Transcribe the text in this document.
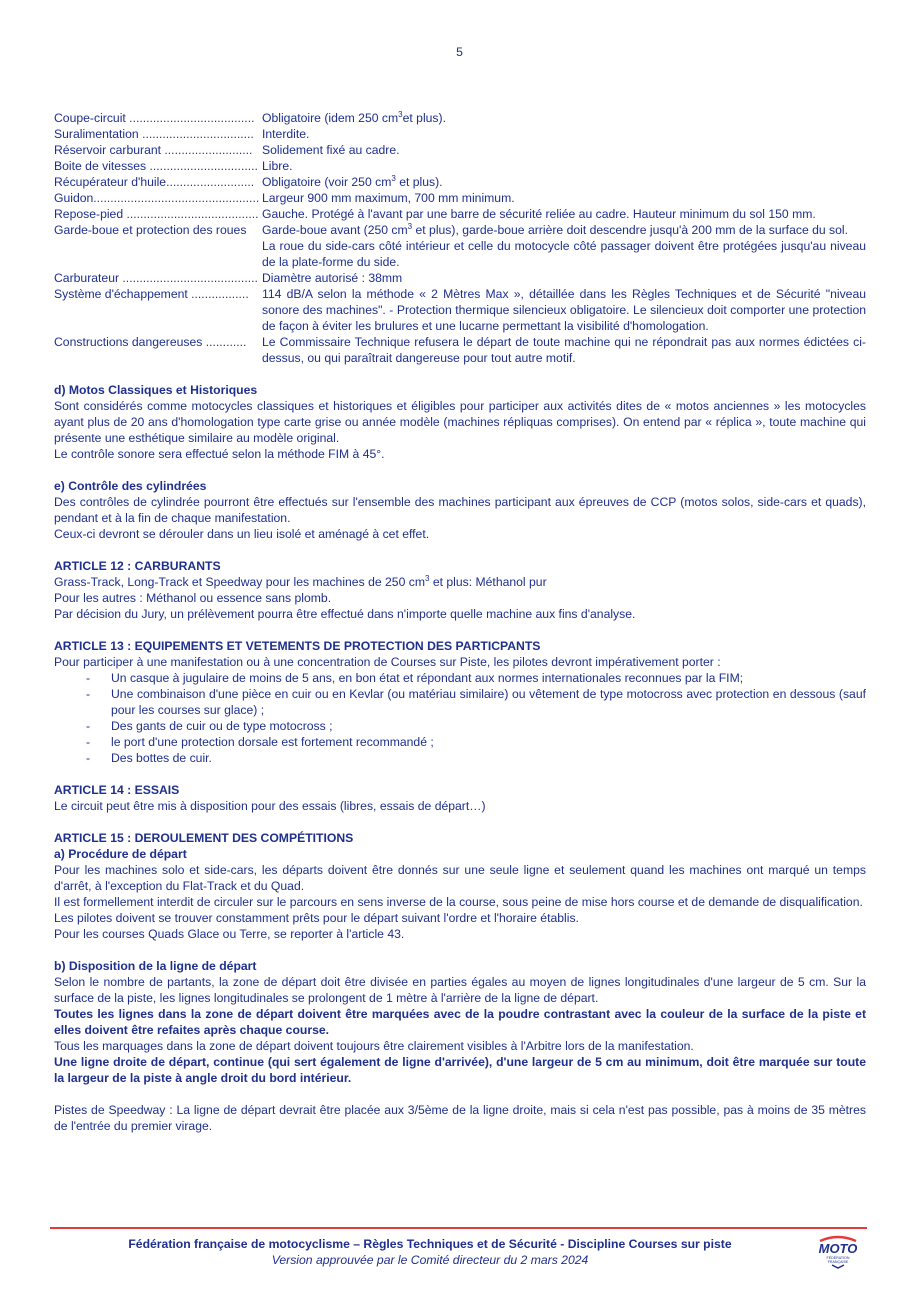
5
Coupe-circuit ..................................... Obligatoire (idem 250 $cm^3et$ plus).
Suralimentation ................................. Interdite.
Réservoir carburant .......................... Solidement fixé au cadre.
Boite de vitesses ................................ Libre.
Récupérateur d'huile.......................... Obligatoire (voir 250 $cm^3$ et plus).
Guidon................................................. Largeur 900 mm maximum, 700 mm minimum.
Repose-pied ....................................... Gauche. Protégé à l'avant par une barre de sécurité reliée au cadre. Hauteur minimum du sol 150 mm.
Garde-boue et protection des roues	Garde-boue avant (250 $cm^3$ et plus), garde-boue arrière doit descendre jusqu'à 200 mm de la surface du sol.
La roue du side-cars côté intérieur et celle du motocycle côté passager doivent être protégées jusqu'au niveau de la plate-forme du side.
Carburateur ........................................ Diamètre autorisé : 38mm
Système d'échappement .................	114 dB/A selon la méthode « 2 Mètres Max », détaillée dans les Règles Techniques et de Sécurité "niveau sonore des machines". - Protection thermique silencieux obligatoire. Le silencieux doit comporter une protection de façon à éviter les brulures et une lucarne permettant la visibilité d'homologation.
Constructions dangereuses ............	Le Commissaire Technique refusera le départ de toute machine qui ne répondrait pas aux normes édictées ci-dessus, ou qui paraîtrait dangereuse pour tout autre motif.
d) Motos Classiques et Historiques

Sont considérés comme motocycles classiques et historiques et éligibles pour participer aux activités dites de « motos anciennes » les motocycles ayant plus de 20 ans d'homologation type carte grise ou année modèle (machines répliquas comprises). On entend par « réplica », toute machine qui présente une esthétique similaire au modèle original.

Le contrôle sonore sera effectué selon la méthode FIM à 45°.

e) Contrôle des cylindrées

Des contrôles de cylindrée pourront être effectués sur l'ensemble des machines participant aux épreuves de CCP (motos solos, side-cars et quads), pendant et à la fin de chaque manifestation.

Ceux-ci devront se dérouler dans un lieu isolé et aménagé à cet effet.

ARTICLE 12 : CARBURANTS

Grass-Track, Long-Track et Speedway pour les machines de 250 $cm^3$ et plus: Méthanol pur

Pour les autres : Méthanol ou essence sans plomb.

Par décision du Jury, un prélèvement pourra être effectué dans n'importe quelle machine aux fins d'analyse.

ARTICLE 13 : EQUIPEMENTS ET VETEMENTS DE PROTECTION DES PARTICPANTS

Pour participer à une manifestation ou à une concentration de Courses sur Piste, les pilotes devront impérativement porter :

-	Un casque à jugulaire de moins de 5 ans, en bon état et répondant aux normes internationales reconnues par la FIM;
-	Une combinaison d'une pièce en cuir ou en Kevlar (ou matériau similaire) ou vêtement de type motocross avec protection en dessous (sauf pour les courses sur glace) ;
-	Des gants de cuir ou de type motocross ;
-	le port d'une protection dorsale est fortement recommandé ;
-	Des bottes de cuir.
ARTICLE 14 : ESSAIS

Le circuit peut être mis à disposition pour des essais (libres, essais de départ…)

ARTICLE 15 : DEROULEMENT DES COMPÉTITIONS
a) Procédure de départ

Pour les machines solo et side-cars, les départs doivent être donnés sur une seule ligne et seulement quand les machines ont marqué un temps d'arrêt, à l'exception du Flat-Track et du Quad.

Il est formellement interdit de circuler sur le parcours en sens inverse de la course, sous peine de mise hors course et de demande de disqualification.

Les pilotes doivent se trouver constamment prêts pour le départ suivant l'ordre et l'horaire établis.

Pour les courses Quads Glace ou Terre, se reporter à l'article 43.

b) Disposition de la ligne de départ

Selon le nombre de partants, la zone de départ doit être divisée en parties égales au moyen de lignes longitudinales d'une largeur de 5 cm. Sur la surface de la piste, les lignes longitudinales se prolongent de 1 mètre à l'arrière de la ligne de départ.

Toutes les lignes dans la zone de départ doivent être marquées avec de la poudre contrastant avec la couleur de la surface de la piste et elles doivent être refaites après chaque course.

Tous les marquages dans la zone de départ doivent toujours être clairement visibles à l'Arbitre lors de la manifestation.

Une ligne droite de départ, continue (qui sert également de ligne d'arrivée), d'une largeur de 5 cm au minimum, doit être marquée sur toute la largeur de la piste à angle droit du bord intérieur.

Pistes de Speedway : La ligne de départ devrait être placée aux 3/5ème de la ligne droite, mais si cela n'est pas possible, pas à moins de 35 mètres de l'entrée du premier virage.

Fédération française de motocyclisme – Règles Techniques et de Sécurité - Discipline Courses sur piste
Version approuvée par le Comité directeur du 2 mars 2024
MOTO
FÉDÉRATION
FRANÇAISE
